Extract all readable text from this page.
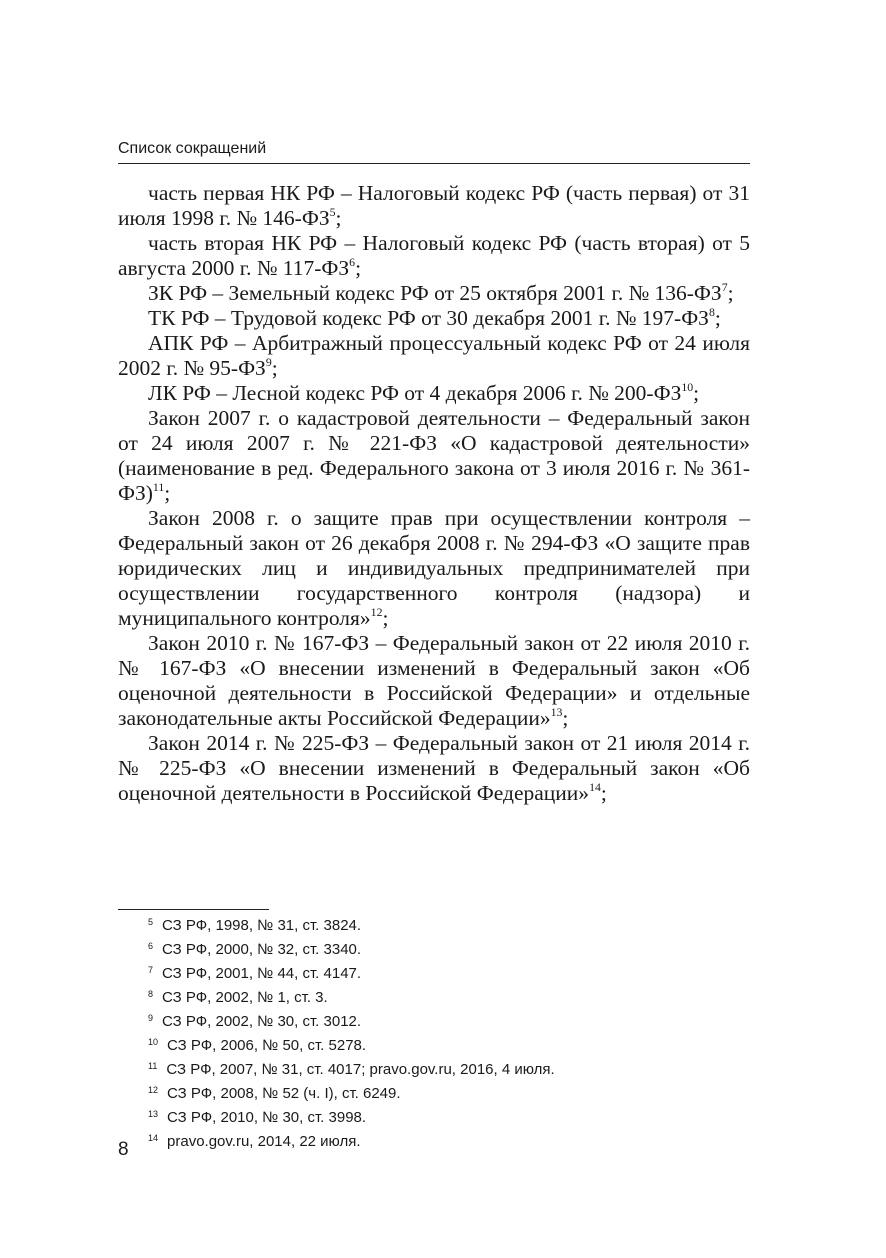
Список сокращений

часть первая НК РФ – Налоговый кодекс РФ (часть первая) от 31 июля 1998 г. № $146-ФЗ^5$;

часть вторая НК РФ – Налоговый кодекс РФ (часть вторая) от 5 августа 2000 г. № $117-ФЗ^6$;

ЗК РФ – Земельный кодекс РФ от 25 октября 2001 г. № $136-ФЗ^7$;

ТК РФ – Трудовой кодекс РФ от 30 декабря 2001 г. № $197-ФЗ^8$;

АПК РФ – Арбитражный процессуальный кодекс РФ от 24 июля 2002 г. № $95-ФЗ^9$;

ЛК РФ – Лесной кодекс РФ от 4 декабря 2006 г. № 200-ФЗ$^{10}$;

Закон 2007 г. о кадастровой деятельности – Федеральный закон от 24 июля 2007 г. № 221-ФЗ «О кадастровой деятельности» (наименование в ред. Федерального закона от 3 июля 2016 г. № 361-ФЗ)$^{11}$;

Закон 2008 г. о защите прав при осуществлении контроля – Федеральный закон от 26 декабря 2008 г. № 294-ФЗ «О защите прав юридических лиц и индивидуальных предпринимателей при осуществлении государственного контроля (надзора) и муниципального контроля»$^{12}$;

Закон 2010 г. № 167-ФЗ – Федеральный закон от 22 июля 2010 г. № 167-ФЗ «О внесении изменений в Федеральный закон «Об оценочной деятельности в Российской Федерации» и отдельные законодательные акты Российской Федерации»$^{13}$;

Закон 2014 г. № 225-ФЗ – Федеральный закон от 21 июля 2014 г. № 225-ФЗ «О внесении изменений в Федеральный закон «Об оценочной деятельности в Российской Федерации»$^{14}$;

$^5$ СЗ РФ, 1998, № 31, ст. 3824.
$^6$ СЗ РФ, 2000, № 32, ст. 3340.
$^7$ СЗ РФ, 2001, № 44, ст. 4147.
$^8$ СЗ РФ, 2002, № 1, ст. 3.
$^9$ СЗ РФ, 2002, № 30, ст. 3012.
$^{10}$ СЗ РФ, 2006, № 50, ст. 5278.
$^{11}$ СЗ РФ, 2007, № 31, ст. 4017; pravo.gov.ru, 2016, 4 июля.
$^{12}$ СЗ РФ, 2008, № 52 (ч. I), ст. 6249.
$^{13}$ СЗ РФ, 2010, № 30, ст. 3998.
$^{14}$ pravo.gov.ru, 2014, 22 июля.
8
